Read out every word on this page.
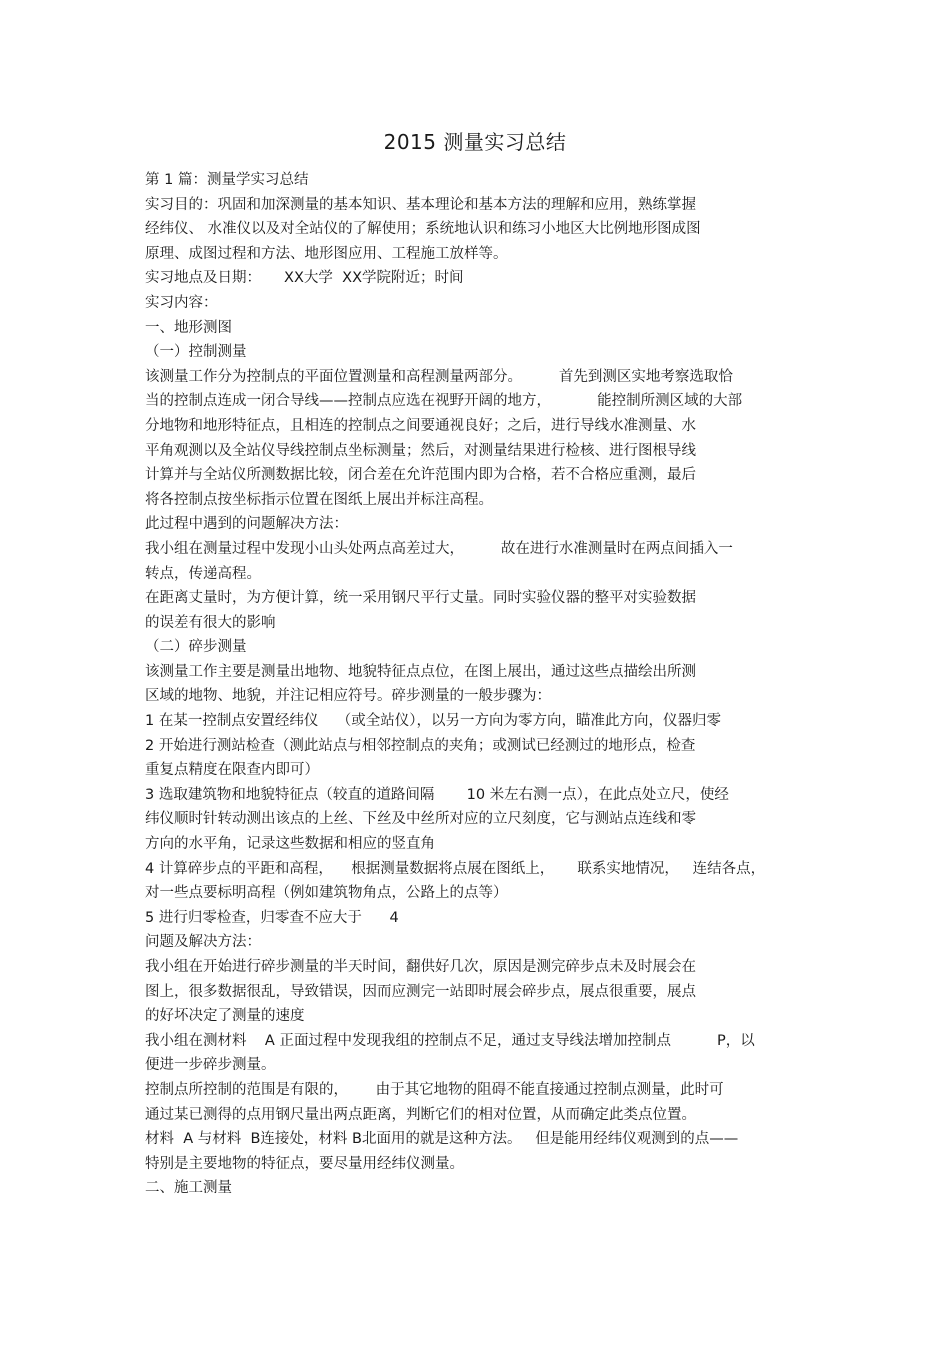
2015 测量实习总结
第 1 篇：测量学实习总结
实习目的：巩固和加深测量的基本知识、基本理论和基本方法的理解和应用，熟练掌握
经纬仪、 水准仪以及对全站仪的了解使用；系统地认识和练习小地区大比例地形图成图
原理、成图过程和方法、地形图应用、工程施工放样等。
实习地点及日期：     XX大学  XX学院附近；时间
实习内容：
一、地形测图
（一）控制测量
该测量工作分为控制点的平面位置测量和高程测量两部分。        首先到测区实地考察选取恰
当的控制点连成一闭合导线——控制点应选在视野开阔的地方，          能控制所测区域的大部
分地物和地形特征点，且相连的控制点之间要通视良好；之后，进行导线水准测量、水
平角观测以及全站仪导线控制点坐标测量；然后，对测量结果进行检核、进行图根导线
计算并与全站仪所测数据比较，闭合差在允许范围内即为合格，若不合格应重测，最后
将各控制点按坐标指示位置在图纸上展出并标注高程。
此过程中遇到的问题解决方法：
我小组在测量过程中发现小山头处两点高差过大，        故在进行水准测量时在两点间插入一
转点，传递高程。
在距离丈量时，为方便计算，统一采用钢尺平行丈量。同时实验仪器的整平对实验数据
的误差有很大的影响
（二）碎步测量
该测量工作主要是测量出地物、地貌特征点点位，在图上展出，通过这些点描绘出所测
区域的地物、地貌，并注记相应符号。碎步测量的一般步骤为：
1 在某一控制点安置经纬仪    （或全站仪），以另一方向为零方向，瞄准此方向，仪器归零
2 开始进行测站检查（测此站点与相邻控制点的夹角；或测试已经测过的地形点，检查
重复点精度在限查内即可）
3 选取建筑物和地貌特征点（较直的道路间隔       10 米左右测一点），在此点处立尺，使经
纬仪顺时针转动测出该点的上丝、下丝及中丝所对应的立尺刻度，它与测站点连线和零
方向的水平角，记录这些数据和相应的竖直角
4 计算碎步点的平距和高程，    根据测量数据将点展在图纸上，     联系实地情况，   连结各点，
对一些点要标明高程（例如建筑物角点，公路上的点等）
5 进行归零检查，归零查不应大于      4
问题及解决方法：
我小组在开始进行碎步测量的半天时间，翻供好几次，原因是测完碎步点未及时展会在
图上，很多数据很乱，导致错误，因而应测完一站即时展会碎步点，展点很重要，展点
的好坏决定了测量的速度
我小组在测材料    A 正面过程中发现我组的控制点不足，通过支导线法增加控制点          P，以
便进一步碎步测量。
控制点所控制的范围是有限的，      由于其它地物的阻碍不能直接通过控制点测量，此时可
通过某已测得的点用钢尺量出两点距离，判断它们的相对位置，从而确定此类点位置。
材料  A 与材料  B连接处，材料 B北面用的就是这种方法。   但是能用经纬仪观测到的点——
特别是主要地物的特征点，要尽量用经纬仪测量。
二、施工测量
